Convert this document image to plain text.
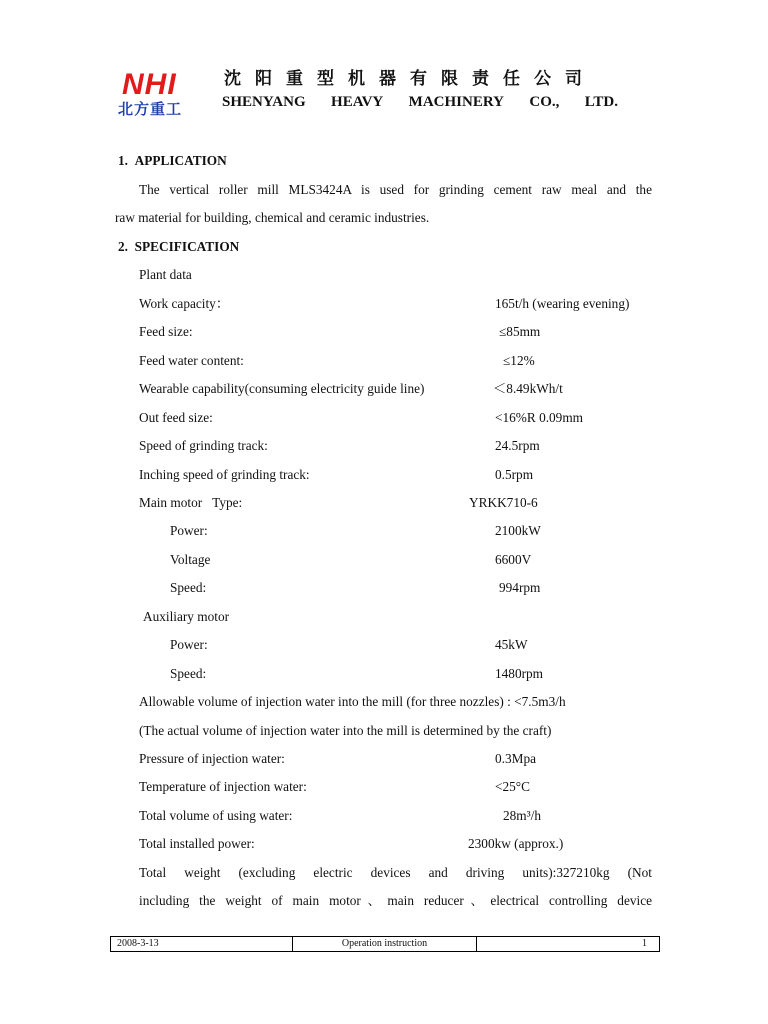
NHI
北方重工
沈阳重型机器有限责任公司
SHENYANG HEAVY MACHINERY CO., LTD.
1.  APPLICATION
The vertical roller mill MLS3424A is used for grinding cement raw meal and the
raw material for building, chemical and ceramic industries.
2.  SPECIFICATION
Plant data
Work capacity：	165t/h (wearing evening)
Feed size:	≤85mm
Feed water content:	≤12%
Wearable capability(consuming electricity guide line)	＜8.49kWh/t
Out feed size:	<16%R 0.09mm
Speed of grinding track:	24.5rpm
Inching speed of grinding track:	0.5rpm
Main motor   Type:	YRKK710-6
Power:	2100kW
Voltage	6600V
Speed:	994rpm
Auxiliary motor
Power:	45kW
Speed:	1480rpm
Allowable volume of injection water into the mill (for three nozzles) : <7.5m3/h
(The actual volume of injection water into the mill is determined by the craft)
Pressure of injection water:	0.3Mpa
Temperature of injection water:	<25°C
Total volume of using water:	28m³/h
Total installed power:	2300kw (approx.)
Total weight (excluding electric devices and driving units):327210kg (Not
including the weight of main motor、main reducer、electrical controlling device
2008-3-13	Operation instruction	1
